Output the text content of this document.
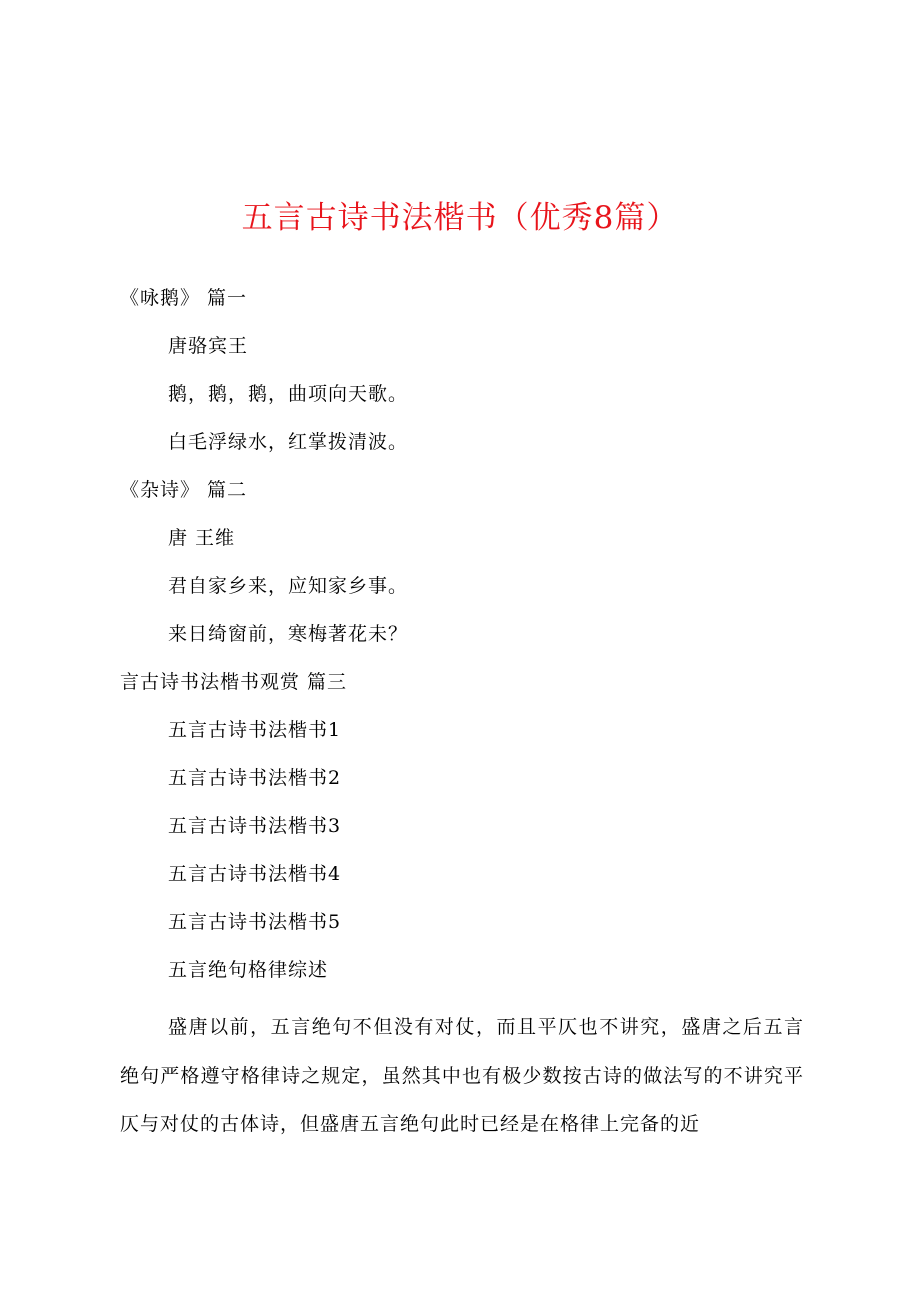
五言古诗书法楷书（优秀8篇）
《咏鹅》 篇一
唐骆宾王
鹅，鹅，鹅，曲项向天歌。
白毛浮绿水，红掌拨清波。
《杂诗》 篇二
唐 王维
君自家乡来，应知家乡事。
来日绮窗前，寒梅著花未？
言古诗书法楷书观赏 篇三
五言古诗书法楷书1
五言古诗书法楷书2
五言古诗书法楷书3
五言古诗书法楷书4
五言古诗书法楷书5
五言绝句格律综述
盛唐以前，五言绝句不但没有对仗，而且平仄也不讲究，盛唐之后五言绝句严格遵守格律诗之规定，虽然其中也有极少数按古诗的做法写的不讲究平仄与对仗的古体诗，但盛唐五言绝句此时已经是在格律上完备的近
